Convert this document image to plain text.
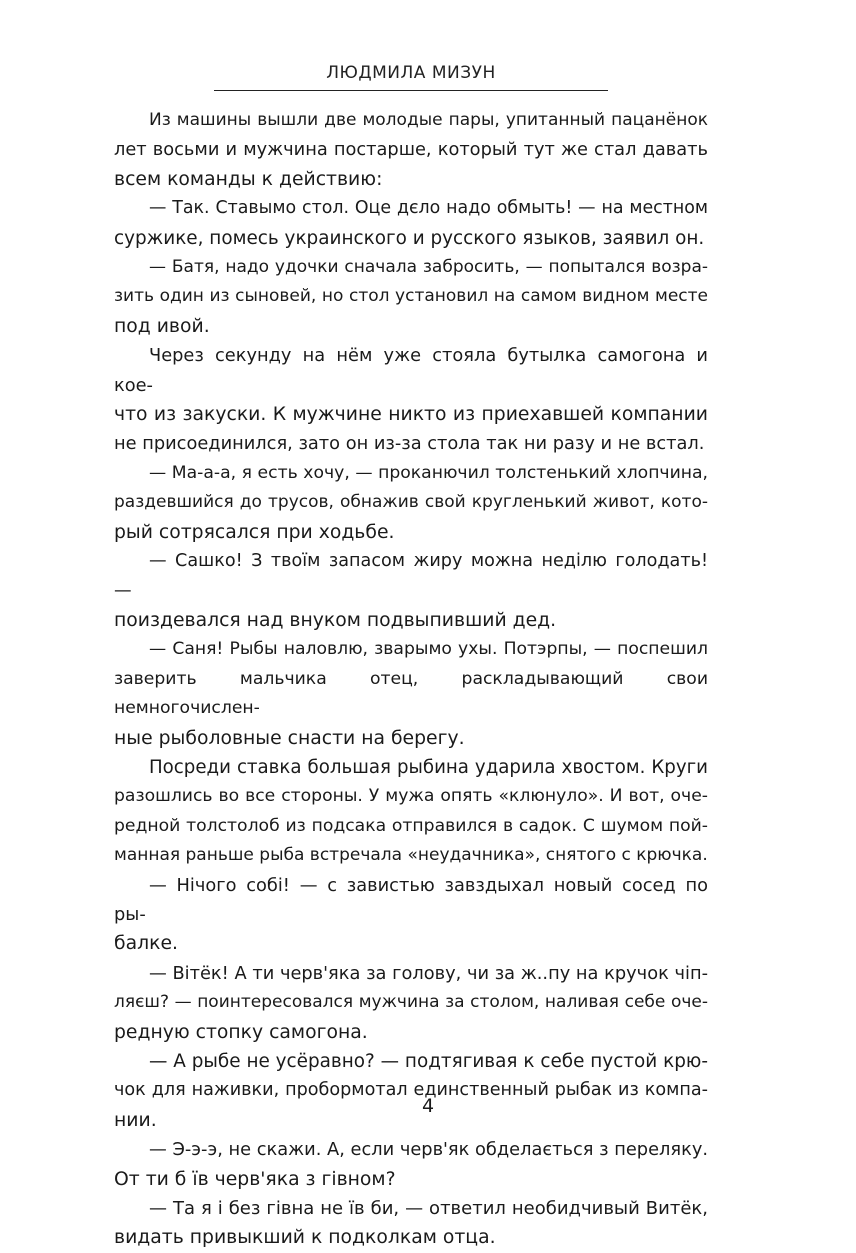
ЛЮДМИЛА МИЗУН
Из машины вышли две молодые пары, упитанный пацанёнок
лет восьми и мужчина постарше, который тут же стал давать
всем команды к действию:
— Так. Ставымо стол. Оце дєло надо обмыть! — на местном
суржике, помесь украинского и русского языков, заявил он.
— Батя, надо удочки сначала забросить, — попытался возра-
зить один из сыновей, но стол установил на самом видном месте
под ивой.
Через секунду на нём уже стояла бутылка самогона и кое-
что из закуски. К мужчине никто из приехавшей компании
не присоединился, зато он из-за стола так ни разу и не встал.
— Ма-а-а, я есть хочу, — проканючил толстенький хлопчина,
раздевшийся до трусов, обнажив свой кругленький живот, кото-
рый сотрясался при ходьбе.
— Сашко! З твоїм запасом жиру можна неділю голодать! —
поиздевался над внуком подвыпивший дед.
— Саня! Рыбы наловлю, зварымо ухы. Потэрпы, — поспешил
заверить мальчика отец, раскладывающий свои немногочислен-
ные рыболовные снасти на берегу.
Посреди ставка большая рыбина ударила хвостом. Круги
разошлись во все стороны. У мужа опять «клюнуло». И вот, оче-
редной толстолоб из подсака отправился в садок. С шумом пой-
манная раньше рыба встречала «неудачника», снятого с крючка.
— Нічого собі! — с завистью завздыхал новый сосед по ры-
балке.
— Вітёк! А ти черв'яка за голову, чи за ж..пу на кручок чіп-
ляєш? — поинтересовался мужчина за столом, наливая себе оче-
редную стопку самогона.
— А рыбе не усёравно? — подтягивая к себе пустой крю-
чок для наживки, пробормотал единственный рыбак из компа-
нии.
— Э-э-э, не скажи. А, если черв'як обделається з переляку.
От ти б їв черв'яка з гівном?
— Та я і без гівна не їв би, — ответил необидчивый Витёк,
видать привыкший к подколкам отца.
4
